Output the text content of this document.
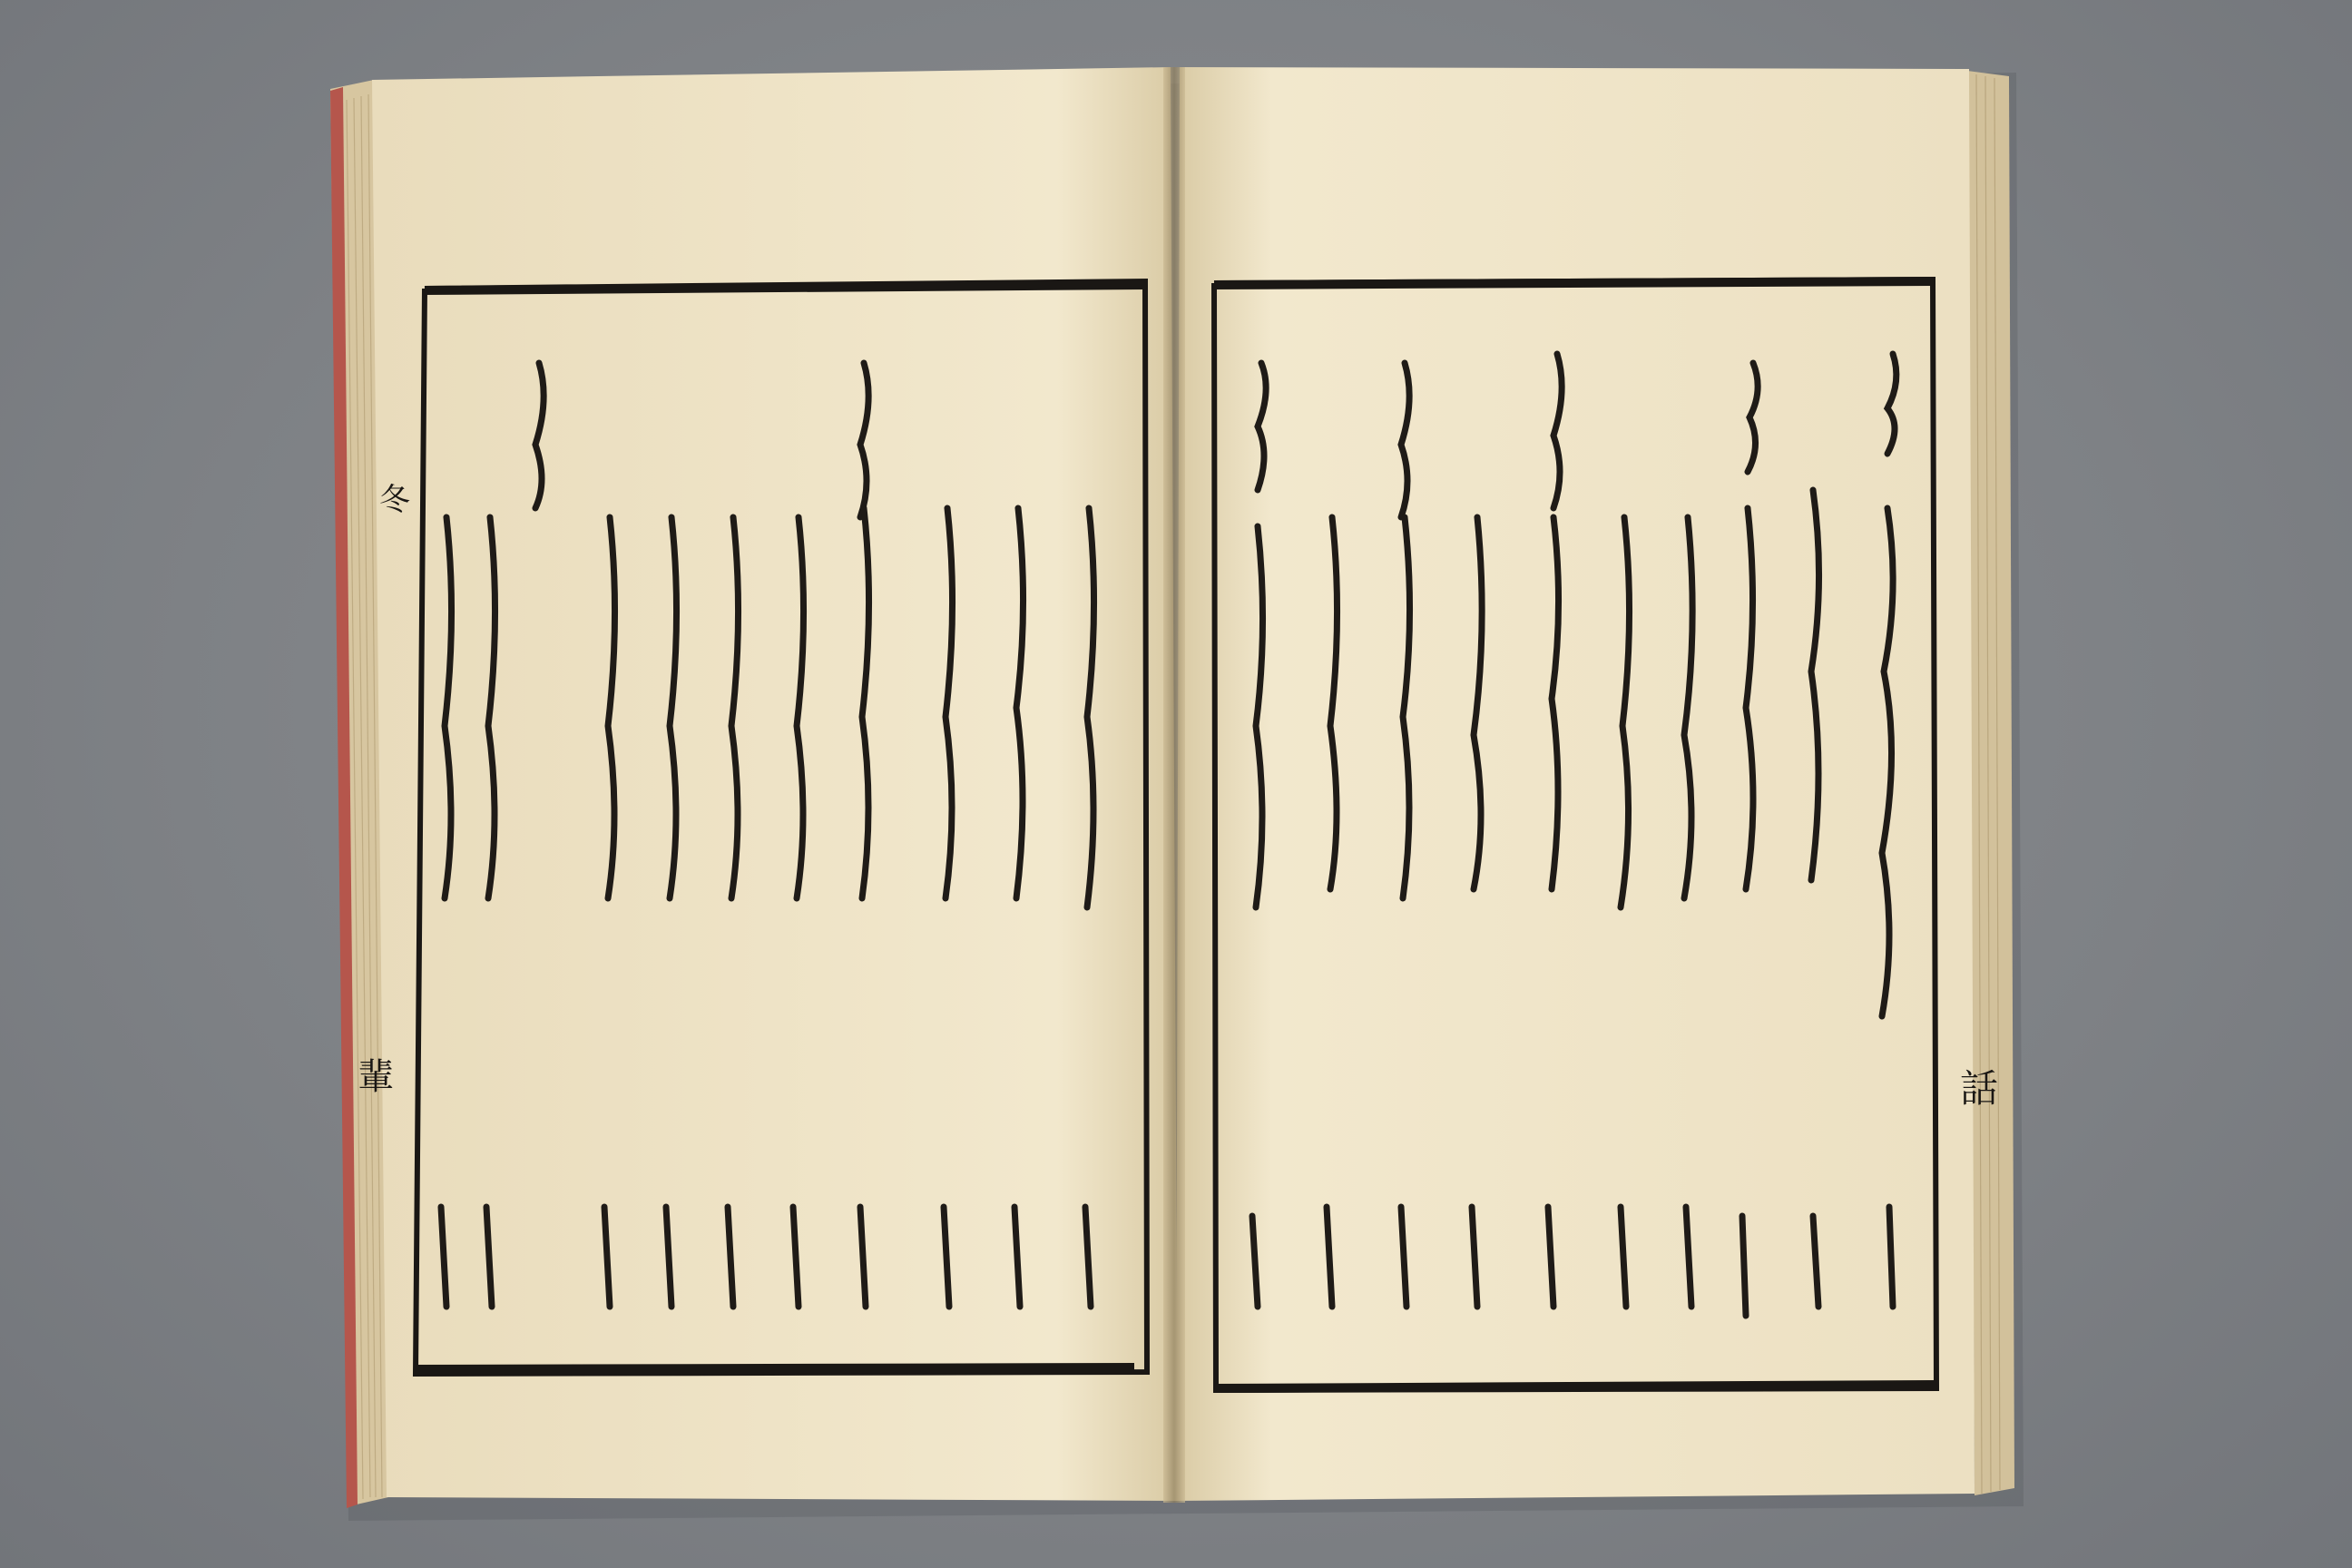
冬
輩	話
